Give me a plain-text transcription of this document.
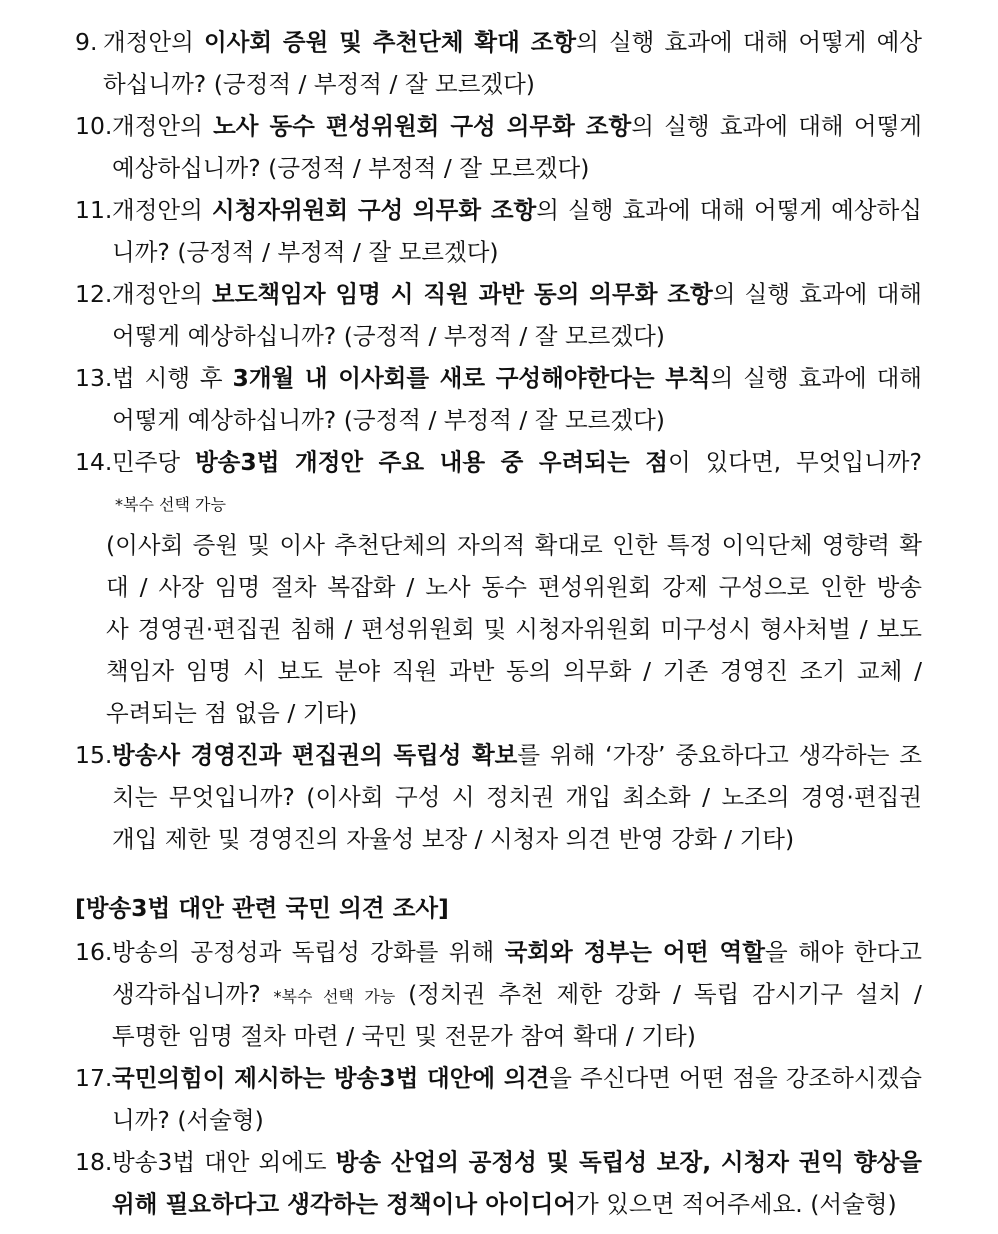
9. 개정안의 이사회 증원 및 추천단체 확대 조항의 실행 효과에 대해 어떻게 예상
하십니까? (긍정적 / 부정적 / 잘 모르겠다)
10. 개정안의 노사 동수 편성위원회 구성 의무화 조항의 실행 효과에 대해 어떻게
예상하십니까? (긍정적 / 부정적 / 잘 모르겠다)
11. 개정안의 시청자위원회 구성 의무화 조항의 실행 효과에 대해 어떻게 예상하십
니까? (긍정적 / 부정적 / 잘 모르겠다)
12. 개정안의 보도책임자 임명 시 직원 과반 동의 의무화 조항의 실행 효과에 대해
어떻게 예상하십니까? (긍정적 / 부정적 / 잘 모르겠다)
13. 법 시행 후 3개월 내 이사회를 새로 구성해야한다는 부칙의 실행 효과에 대해
어떻게 예상하십니까? (긍정적 / 부정적 / 잘 모르겠다)
14. 민주당 방송3법 개정안 주요 내용 중 우려되는 점이 있다면, 무엇입니까?
*복수 선택 가능
(이사회 증원 및 이사 추천단체의 자의적 확대로 인한 특정 이익단체 영향력 확
대 / 사장 임명 절차 복잡화 / 노사 동수 편성위원회 강제 구성으로 인한 방송
사 경영권·편집권 침해 / 편성위원회 및 시청자위원회 미구성시 형사처벌 / 보도
책임자 임명 시 보도 분야 직원 과반 동의 의무화 / 기존 경영진 조기 교체 /
우려되는 점 없음 / 기타)
15. 방송사 경영진과 편집권의 독립성 확보를 위해 ‘가장’ 중요하다고 생각하는 조
치는 무엇입니까? (이사회 구성 시 정치권 개입 최소화 / 노조의 경영·편집권
개입 제한 및 경영진의 자율성 보장 / 시청자 의견 반영 강화 / 기타)
[방송3법 대안 관련 국민 의견 조사]
16. 방송의 공정성과 독립성 강화를 위해 국회와 정부는 어떤 역할을 해야 한다고
생각하십니까? *복수 선택 가능 (정치권 추천 제한 강화 / 독립 감시기구 설치 /
투명한 임명 절차 마련 / 국민 및 전문가 참여 확대 / 기타)
17. 국민의힘이 제시하는 방송3법 대안에 의견을 주신다면 어떤 점을 강조하시겠습
니까? (서술형)
18. 방송3법 대안 외에도 방송 산업의 공정성 및 독립성 보장, 시청자 권익 향상을
위해 필요하다고 생각하는 정책이나 아이디어가 있으면 적어주세요. (서술형)
